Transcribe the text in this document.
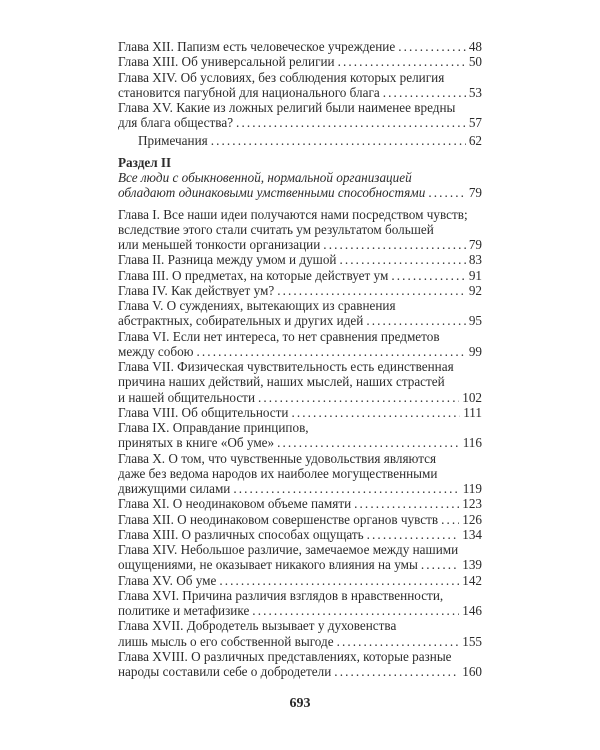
Глава XII. Папизм есть человеческое учреждение . . .	48
Глава XIII. Об универсальной религии . . .	50
Глава XIV. Об условиях, без соблюдения которых религия
становится пагубной для национального блага . . .	53
Глава XV. Какие из ложных религий были наименее вредны
для блага общества? . . .	57
Примечания . . .	62
Раздел II
Все люди с обыкновенной, нормальной организацией
обладают одинаковыми умственными способностями . . .	79
Глава I. Все наши идеи получаются нами посредством чувств;
вследствие этого стали считать ум результатом большей
или меньшей тонкости организации . . .	79
Глава II. Разница между умом и душой . . .	83
Глава III. О предметах, на которые действует ум . . .	91
Глава IV. Как действует ум? . . .	92
Глава V. О суждениях, вытекающих из сравнения
абстрактных, собирательных и других идей . . .	95
Глава VI. Если нет интереса, то нет сравнения предметов
между собою . . .	99
Глава VII. Физическая чувствительность есть единственная
причина наших действий, наших мыслей, наших страстей
и нашей общительности . . .	102
Глава VIII. Об общительности . . .	111
Глава IX. Оправдание принципов,
принятых в книге «Об уме» . . .	116
Глава X. О том, что чувственные удовольствия являются
даже без ведома народов их наиболее могущественными
движущими силами . . .	119
Глава XI. О неодинаковом объеме памяти . . .	123
Глава XII. О неодинаковом совершенстве органов чувств . . . 126
Глава XIII. О различных способах ощущать . . .	134
Глава XIV. Небольшое различие, замечаемое между нашими
ощущениями, не оказывает никакого влияния на умы . . .	139
Глава XV. Об уме . . .	142
Глава XVI. Причина различия взглядов в нравственности,
политике и метафизике . . .	146
Глава XVII. Добродетель вызывает у духовенства
лишь мысль о его собственной выгоде . . .	155
Глава XVIII. О различных представлениях, которые разные
народы составили себе о добродетели . . .	160
693
